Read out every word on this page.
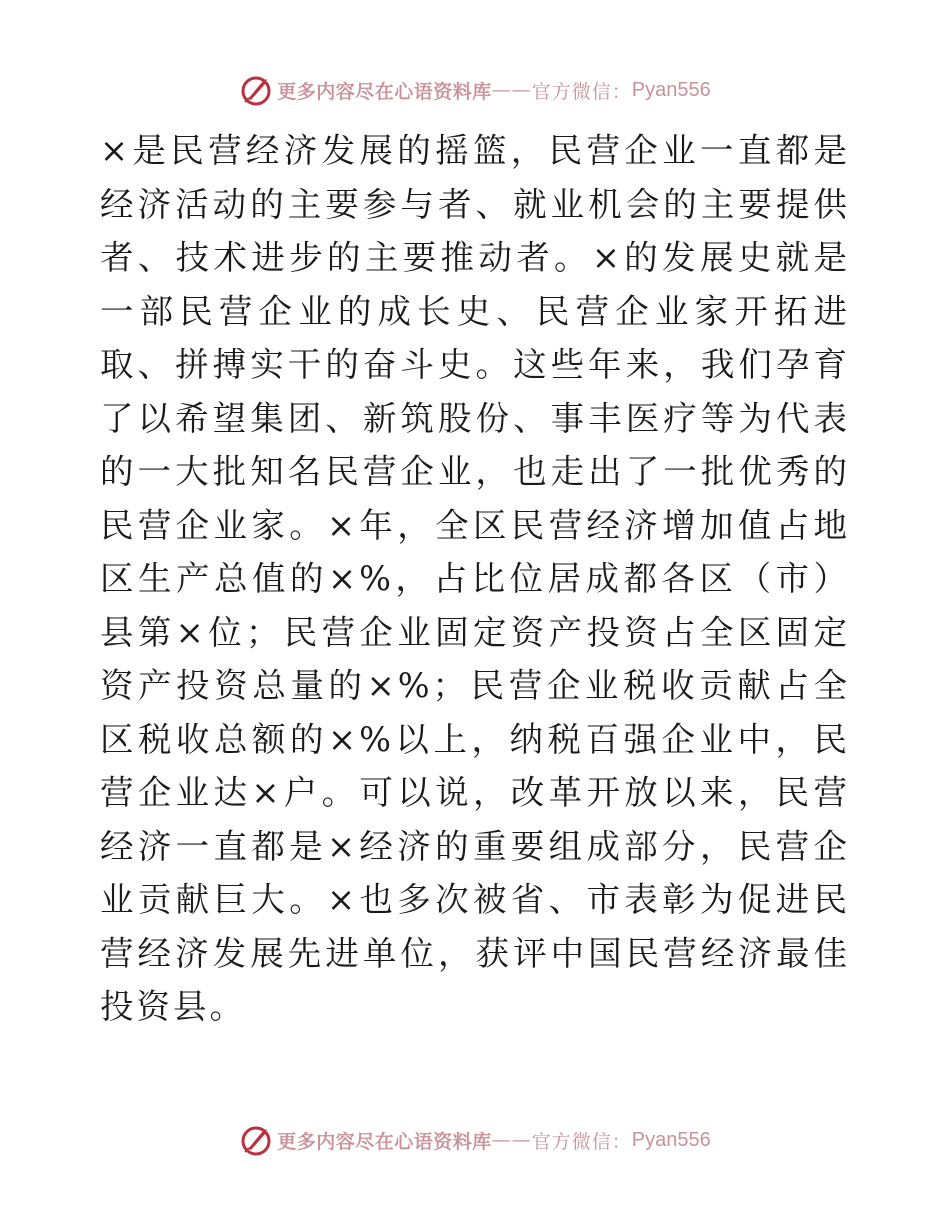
更多内容尽在心语资料库 —— 官方微信： Pyan556

×是民营经济发展的摇篮，民营企业一直都是经济活动的主要参与者、就业机会的主要提供者、技术进步的主要推动者。×的发展史就是一部民营企业的成长史、民营企业家开拓进取、拼搏实干的奋斗史。这些年来，我们孕育了以希望集团、新筑股份、事丰医疗等为代表的一大批知名民营企业，也走出了一批优秀的民营企业家。×年，全区民营经济增加值占地区生产总值的×%，占比位居成都各区（市）县第×位；民营企业固定资产投资占全区固定资产投资总量的×%；民营企业税收贡献占全区税收总额的×%以上，纳税百强企业中，民营企业达×户。可以说，改革开放以来，民营经济一直都是×经济的重要组成部分，民营企业贡献巨大。×也多次被省、市表彰为促进民营经济发展先进单位，获评中国民营经济最佳投资县。

更多内容尽在心语资料库 —— 官方微信： Pyan556
